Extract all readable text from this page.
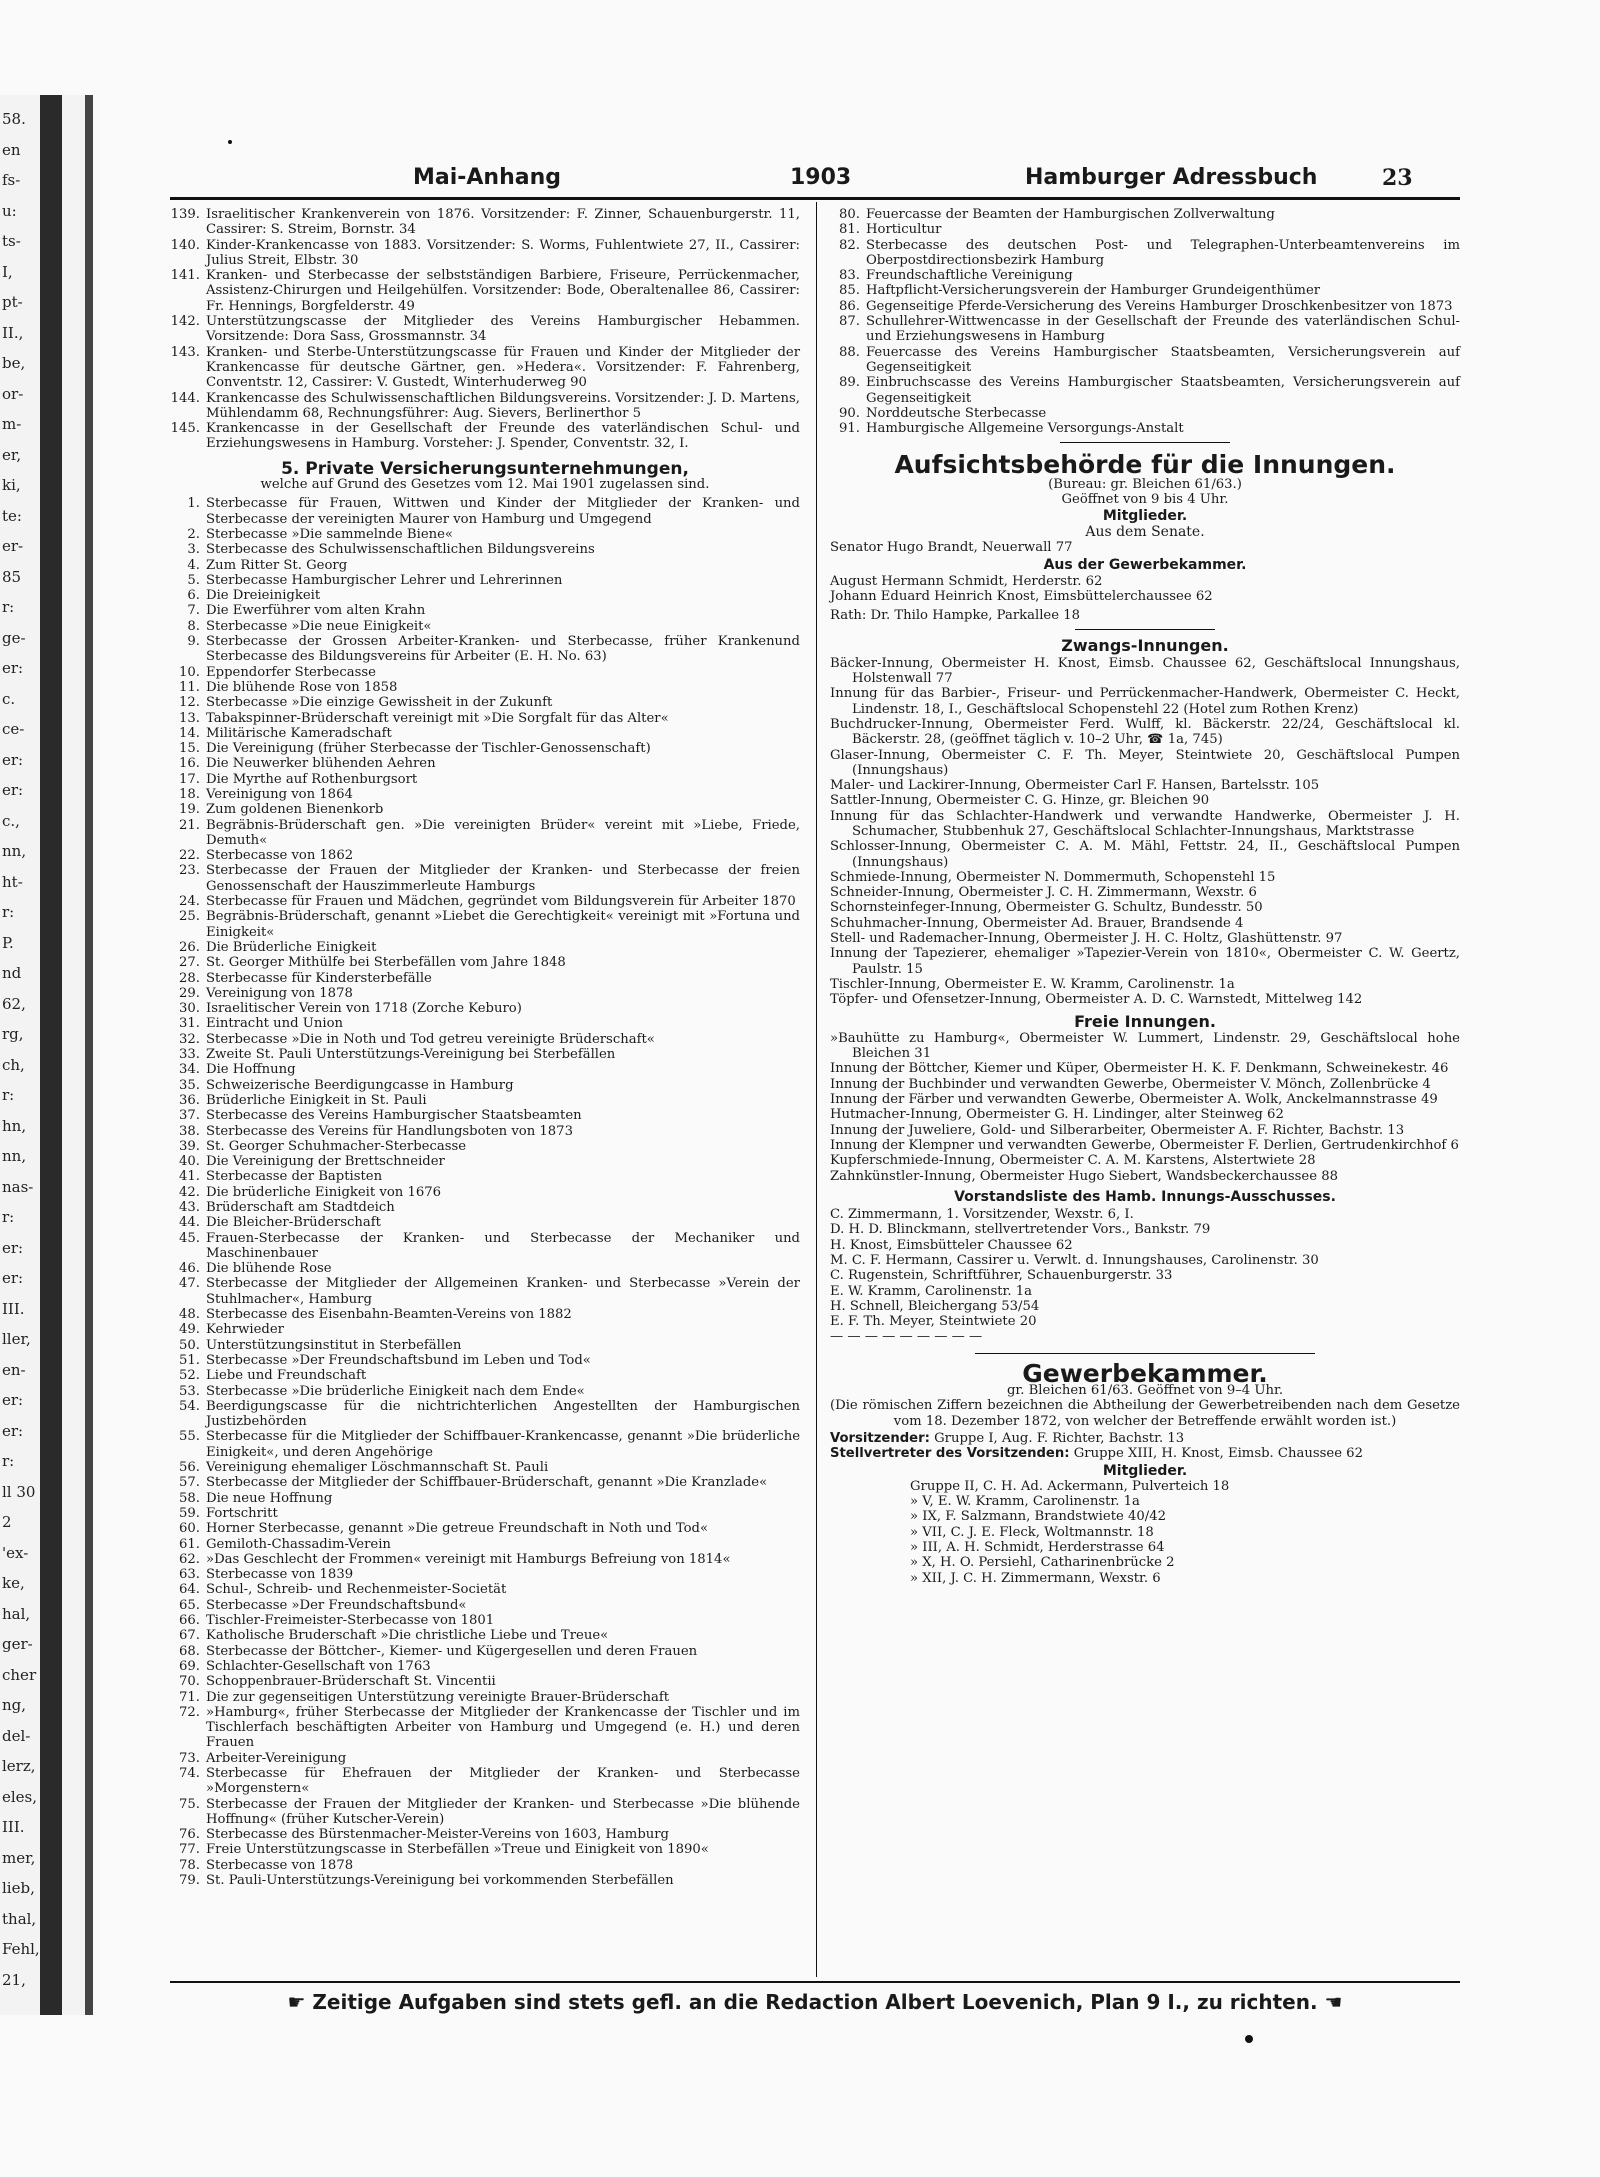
58.
en
fs-
u:
ts-
I,
pt-
II.,
be,
or-
m-
er,
ki,
te:
er-
85
r:
ge-
er:
c.
ce-
er:
er:
c.,
nn,
ht-
r:
P.
nd
62,
rg,
ch,
r:
hn,
nn,
nas-
r:
er:
er:
III.
ller,
en-
er:
er:
r:
ll 30
2
'ex-
ke,
hal,
ger-
cher
ng,
del-
lerz,
eles,
III.
mer,
lieb,
thal,
Fehl,
21,
Mai-Anhang	1903	Hamburger Adressbuch	23
139. Israelitischer Krankenverein von 1876. Vorsitzender: F. Zinner, Schauenburgerstr. 11, Cassirer: S. Streim, Bornstr. 34
140. Kinder-Krankencasse von 1883. Vorsitzender: S. Worms, Fuhlentwiete 27, II., Cassirer: Julius Streit, Elbstr. 30
141. Kranken- und Sterbecasse der selbstständigen Barbiere, Friseure, Perrückenmacher, Assistenz-Chirurgen und Heilgehülfen. Vorsitzender: Bode, Oberaltenallee 86, Cassirer: Fr. Hennings, Borgfelderstr. 49
142. Unterstützungscasse der Mitglieder des Vereins Hamburgischer Hebammen. Vorsitzende: Dora Sass, Grossmannstr. 34
143. Kranken- und Sterbe-Unterstützungscasse für Frauen und Kinder der Mitglieder der Krankencasse für deutsche Gärtner, gen. »Hedera«. Vorsitzender: F. Fahrenberg, Conventstr. 12, Cassirer: V. Gustedt, Winterhuderweg 90
144. Krankencasse des Schulwissenschaftlichen Bildungsvereins. Vorsitzender: J. D. Martens, Mühlendamm 68, Rechnungsführer: Aug. Sievers, Berlinerthor 5
145. Krankencasse in der Gesellschaft der Freunde des vaterländischen Schul- und Erziehungswesens in Hamburg. Vorsteher: J. Spender, Conventstr. 32, I.
5. Private Versicherungsunternehmungen,
welche auf Grund des Gesetzes vom 12. Mai 1901 zugelassen sind.
1. Sterbecasse für Frauen, Wittwen und Kinder der Mitglieder der Kranken- und Sterbecasse der vereinigten Maurer von Hamburg und Umgegend
2. Sterbecasse »Die sammelnde Biene«
3. Sterbecasse des Schulwissenschaftlichen Bildungsvereins
4. Zum Ritter St. Georg
5. Sterbecasse Hamburgischer Lehrer und Lehrerinnen
6. Die Dreieinigkeit
7. Die Ewerführer vom alten Krahn
8. Sterbecasse »Die neue Einigkeit«
9. Sterbecasse der Grossen Arbeiter-Kranken- und Sterbecasse, früher Krankenund Sterbecasse des Bildungsvereins für Arbeiter (E. H. No. 63)
10. Eppendorfer Sterbecasse
11. Die blühende Rose von 1858
12. Sterbecasse »Die einzige Gewissheit in der Zukunft
13. Tabakspinner-Brüderschaft vereinigt mit »Die Sorgfalt für das Alter«
14. Militärische Kameradschaft
15. Die Vereinigung (früher Sterbecasse der Tischler-Genossenschaft)
16. Die Neuwerker blühenden Aehren
17. Die Myrthe auf Rothenburgsort
18. Vereinigung von 1864
19. Zum goldenen Bienenkorb
21. Begräbnis-Brüderschaft gen. »Die vereinigten Brüder« vereint mit »Liebe, Friede, Demuth«
22. Sterbecasse von 1862
23. Sterbecasse der Frauen der Mitglieder der Kranken- und Sterbecasse der freien Genossenschaft der Hauszimmerleute Hamburgs
24. Sterbecasse für Frauen und Mädchen, gegründet vom Bildungsverein für Arbeiter 1870
25. Begräbnis-Brüderschaft, genannt »Liebet die Gerechtigkeit« vereinigt mit »Fortuna und Einigkeit«
26. Die Brüderliche Einigkeit
27. St. Georger Mithülfe bei Sterbefällen vom Jahre 1848
28. Sterbecasse für Kindersterbefälle
29. Vereinigung von 1878
30. Israelitischer Verein von 1718 (Zorche Keburo)
31. Eintracht und Union
32. Sterbecasse »Die in Noth und Tod getreu vereinigte Brüderschaft«
33. Zweite St. Pauli Unterstützungs-Vereinigung bei Sterbefällen
34. Die Hoffnung
35. Schweizerische Beerdigungcasse in Hamburg
36. Brüderliche Einigkeit in St. Pauli
37. Sterbecasse des Vereins Hamburgischer Staatsbeamten
38. Sterbecasse des Vereins für Handlungsboten von 1873
39. St. Georger Schuhmacher-Sterbecasse
40. Die Vereinigung der Brettschneider
41. Sterbecasse der Baptisten
42. Die brüderliche Einigkeit von 1676
43. Brüderschaft am Stadtdeich
44. Die Bleicher-Brüderschaft
45. Frauen-Sterbecasse der Kranken- und Sterbecasse der Mechaniker und Maschinenbauer
46. Die blühende Rose
47. Sterbecasse der Mitglieder der Allgemeinen Kranken- und Sterbecasse »Verein der Stuhlmacher«, Hamburg
48. Sterbecasse des Eisenbahn-Beamten-Vereins von 1882
49. Kehrwieder
50. Unterstützungsinstitut in Sterbefällen
51. Sterbecasse »Der Freundschaftsbund im Leben und Tod«
52. Liebe und Freundschaft
53. Sterbecasse »Die brüderliche Einigkeit nach dem Ende«
54. Beerdigungscasse für die nichtrichterlichen Angestellten der Hamburgischen Justizbehörden
55. Sterbecasse für die Mitglieder der Schiffbauer-Krankencasse, genannt »Die brüderliche Einigkeit«, und deren Angehörige
56. Vereinigung ehemaliger Löschmannschaft St. Pauli
57. Sterbecasse der Mitglieder der Schiffbauer-Brüderschaft, genannt »Die Kranzlade«
58. Die neue Hoffnung
59. Fortschritt
60. Horner Sterbecasse, genannt »Die getreue Freundschaft in Noth und Tod«
61. Gemiloth-Chassadim-Verein
62. »Das Geschlecht der Frommen« vereinigt mit Hamburgs Befreiung von 1814«
63. Sterbecasse von 1839
64. Schul-, Schreib- und Rechenmeister-Societät
65. Sterbecasse »Der Freundschaftsbund«
66. Tischler-Freimeister-Sterbecasse von 1801
67. Katholische Bruderschaft »Die christliche Liebe und Treue«
68. Sterbecasse der Böttcher-, Kiemer- und Kügergesellen und deren Frauen
69. Schlachter-Gesellschaft von 1763
70. Schoppenbrauer-Brüderschaft St. Vincentii
71. Die zur gegenseitigen Unterstützung vereinigte Brauer-Brüderschaft
72. »Hamburg«, früher Sterbecasse der Mitglieder der Krankencasse der Tischler und im Tischlerfach beschäftigten Arbeiter von Hamburg und Umgegend (e. H.) und deren Frauen
73. Arbeiter-Vereinigung
74. Sterbecasse für Ehefrauen der Mitglieder der Kranken- und Sterbecasse »Morgenstern«
75. Sterbecasse der Frauen der Mitglieder der Kranken- und Sterbecasse »Die blühende Hoffnung« (früher Kutscher-Verein)
76. Sterbecasse des Bürstenmacher-Meister-Vereins von 1603, Hamburg
77. Freie Unterstützungscasse in Sterbefällen »Treue und Einigkeit von 1890«
78. Sterbecasse von 1878
79. St. Pauli-Unterstützungs-Vereinigung bei vorkommenden Sterbefällen
80. Feuercasse der Beamten der Hamburgischen Zollverwaltung
81. Horticultur
82. Sterbecasse des deutschen Post- und Telegraphen-Unterbeamtenvereins im Oberpostdirectionsbezirk Hamburg
83. Freundschaftliche Vereinigung
85. Haftpflicht-Versicherungsverein der Hamburger Grundeigenthümer
86. Gegenseitige Pferde-Versicherung des Vereins Hamburger Droschkenbesitzer von 1873
87. Schullehrer-Wittwencasse in der Gesellschaft der Freunde des vaterländischen Schul- und Erziehungswesens in Hamburg
88. Feuercasse des Vereins Hamburgischer Staatsbeamten, Versicherungsverein auf Gegenseitigkeit
89. Einbruchscasse des Vereins Hamburgischer Staatsbeamten, Versicherungsverein auf Gegenseitigkeit
90. Norddeutsche Sterbecasse
91. Hamburgische Allgemeine Versorgungs-Anstalt
Aufsichtsbehörde für die Innungen.
(Bureau: gr. Bleichen 61/63.)
Geöffnet von 9 bis 4 Uhr.
Mitglieder.
Aus dem Senate.
Senator Hugo Brandt, Neuerwall 77
Aus der Gewerbekammer.
August Hermann Schmidt, Herderstr. 62
Johann Eduard Heinrich Knost, Eimsbüttelerchaussee 62
Rath: Dr. Thilo Hampke, Parkallee 18
Zwangs-Innungen.
Bäcker-Innung, Obermeister H. Knost, Eimsb. Chaussee 62, Geschäftslocal Innungshaus, Holstenwall 77
Innung für das Barbier-, Friseur- und Perrückenmacher-Handwerk, Obermeister C. Heckt, Lindenstr. 18, I., Geschäftslocal Schopenstehl 22 (Hotel zum Rothen Krenz)
Buchdrucker-Innung, Obermeister Ferd. Wulff, kl. Bäckerstr. 22/24, Geschäftslocal kl. Bäckerstr. 28, (geöffnet täglich v. 10–2 Uhr, ☎ 1a, 745)
Glaser-Innung, Obermeister C. F. Th. Meyer, Steintwiete 20, Geschäftslocal Pumpen (Innungshaus)
Maler- und Lackirer-Innung, Obermeister Carl F. Hansen, Bartelsstr. 105
Sattler-Innung, Obermeister C. G. Hinze, gr. Bleichen 90
Innung für das Schlachter-Handwerk und verwandte Handwerke, Obermeister J. H. Schumacher, Stubbenhuk 27, Geschäftslocal Schlachter-Innungshaus, Marktstrasse
Schlosser-Innung, Obermeister C. A. M. Mähl, Fettstr. 24, II., Geschäftslocal Pumpen (Innungshaus)
Schmiede-Innung, Obermeister N. Dommermuth, Schopenstehl 15
Schneider-Innung, Obermeister J. C. H. Zimmermann, Wexstr. 6
Schornsteinfeger-Innung, Obermeister G. Schultz, Bundesstr. 50
Schuhmacher-Innung, Obermeister Ad. Brauer, Brandsende 4
Stell- und Rademacher-Innung, Obermeister J. H. C. Holtz, Glashüttenstr. 97
Innung der Tapezierer, ehemaliger »Tapezier-Verein von 1810«, Obermeister C. W. Geertz, Paulstr. 15
Tischler-Innung, Obermeister E. W. Kramm, Carolinenstr. 1a
Töpfer- und Ofensetzer-Innung, Obermeister A. D. C. Warnstedt, Mittelweg 142
Freie Innungen.
»Bauhütte zu Hamburg«, Obermeister W. Lummert, Lindenstr. 29, Geschäftslocal hohe Bleichen 31
Innung der Böttcher, Kiemer und Küper, Obermeister H. K. F. Denkmann, Schweinekestr. 46
Innung der Buchbinder und verwandten Gewerbe, Obermeister V. Mönch, Zollenbrücke 4
Innung der Färber und verwandten Gewerbe, Obermeister A. Wolk, Anckelmannstrasse 49
Hutmacher-Innung, Obermeister G. H. Lindinger, alter Steinweg 62
Innung der Juweliere, Gold- und Silberarbeiter, Obermeister A. F. Richter, Bachstr. 13
Innung der Klempner und verwandten Gewerbe, Obermeister F. Derlien, Gertrudenkirchhof 6
Kupferschmiede-Innung, Obermeister C. A. M. Karstens, Alstertwiete 28
Zahnkünstler-Innung, Obermeister Hugo Siebert, Wandsbeckerchaussee 88
Vorstandsliste des Hamb. Innungs-Ausschusses.
C. Zimmermann, 1. Vorsitzender, Wexstr. 6, I.
D. H. D. Blinckmann, stellvertretender Vors., Bankstr. 79
H. Knost, Eimsbütteler Chaussee 62
M. C. F. Hermann, Cassirer u. Verwlt. d. Innungshauses, Carolinenstr. 30
C. Rugenstein, Schriftführer, Schauenburgerstr. 33
E. W. Kramm, Carolinenstr. 1a
H. Schnell, Bleichergang 53/54
E. F. Th. Meyer, Steintwiete 20
— — — — — — — — —
Gewerbekammer.
gr. Bleichen 61/63. Geöffnet von 9–4 Uhr.
(Die römischen Ziffern bezeichnen die Abtheilung der Gewerbetreibenden nach dem Gesetze vom 18. Dezember 1872, von welcher der Betreffende erwählt worden ist.)
Vorsitzender: Gruppe I, Aug. F. Richter, Bachstr. 13
Stellvertreter des Vorsitzenden: Gruppe XIII, H. Knost, Eimsb. Chaussee 62
Mitglieder.
Gruppe II, C. H. Ad. Ackermann, Pulverteich 18
» V, E. W. Kramm, Carolinenstr. 1a
» IX, F. Salzmann, Brandstwiete 40/42
» VII, C. J. E. Fleck, Woltmannstr. 18
» III, A. H. Schmidt, Herderstrasse 64
» X, H. O. Persiehl, Catharinenbrücke 2
» XII, J. C. H. Zimmermann, Wexstr. 6
☛ Zeitige Aufgaben sind stets gefl. an die Redaction Albert Loevenich, Plan 9 I., zu richten. ☚
